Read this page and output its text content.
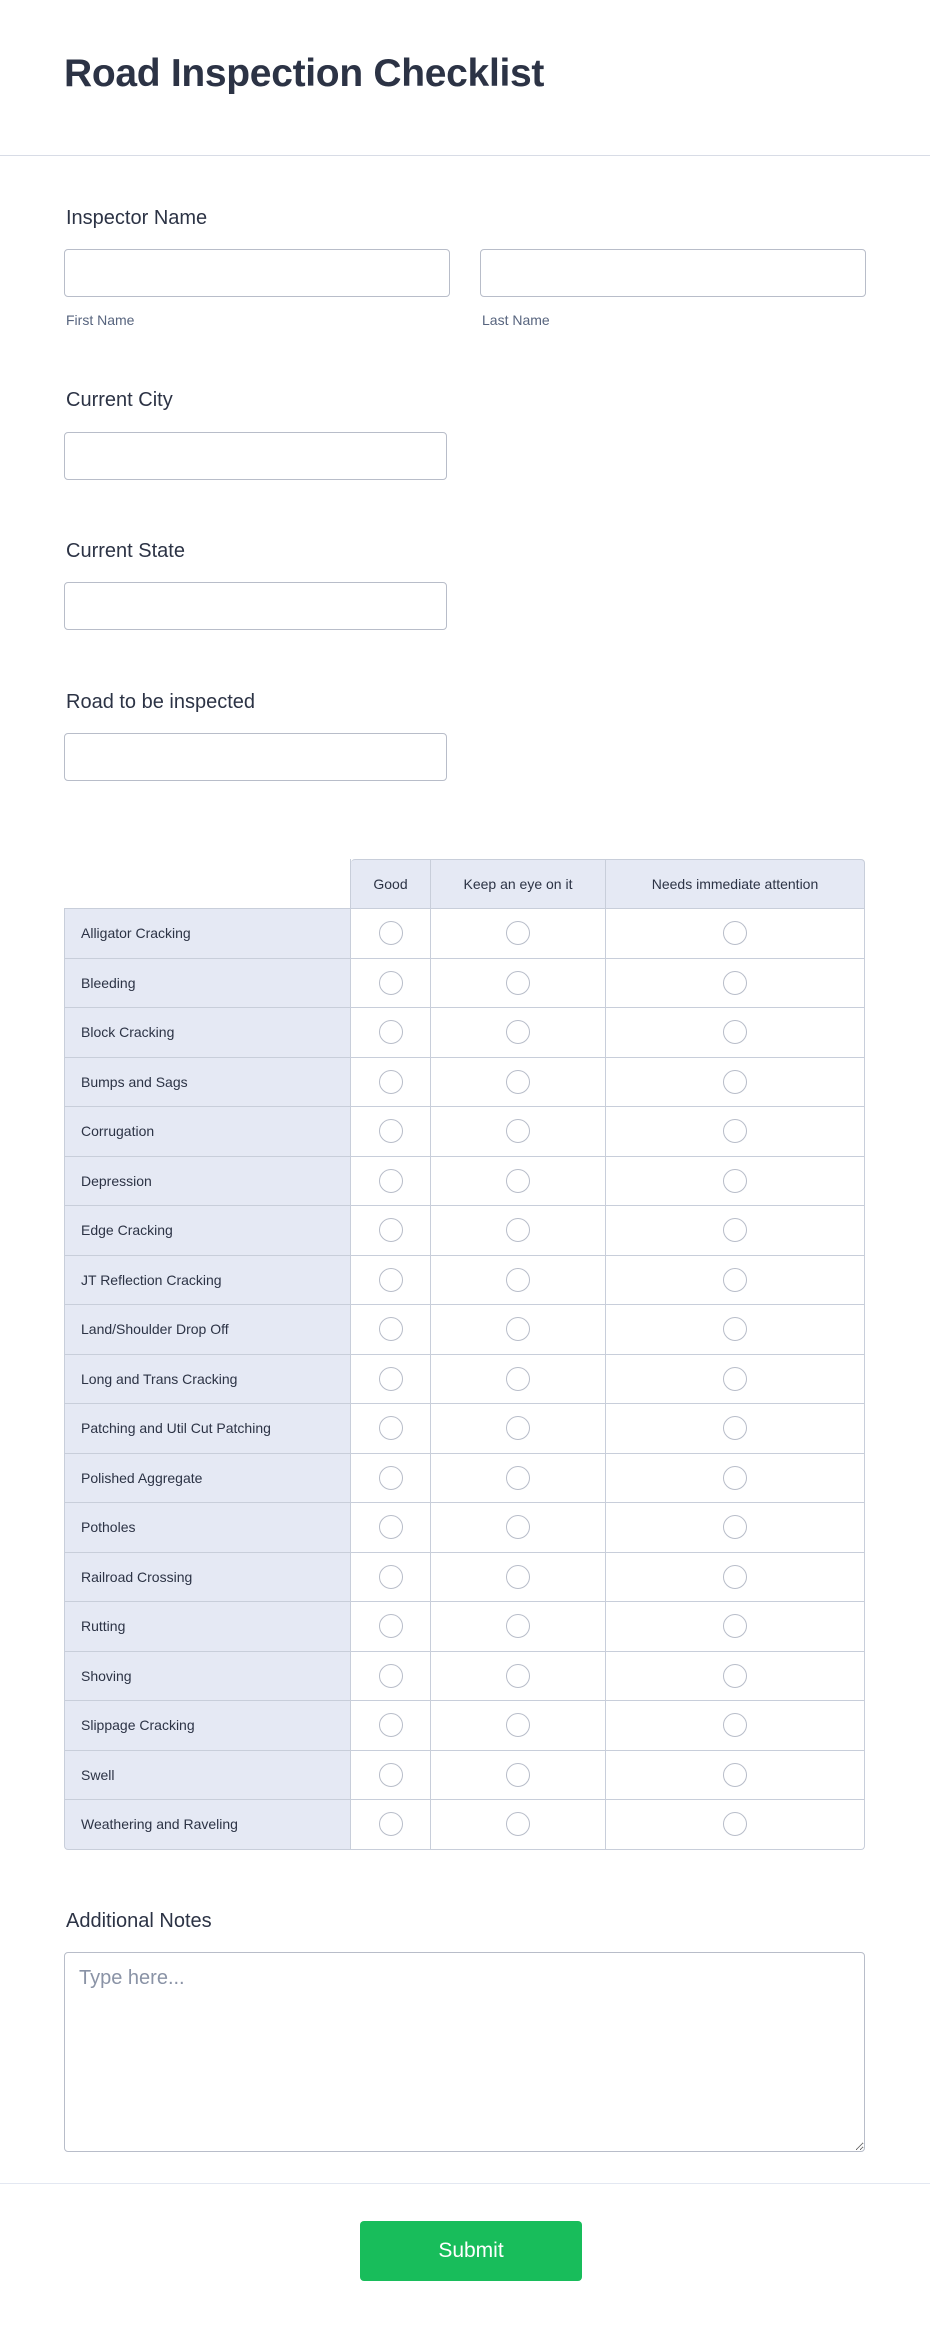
Road Inspection Checklist
Inspector Name
First Name	Last Name
Current City
Current State
Road to be inspected
	Good	Keep an eye on it	Needs immediate attention
Alligator Cracking			
Bleeding			
Block Cracking			
Bumps and Sags			
Corrugation			
Depression			
Edge Cracking			
JT Reflection Cracking			
Land/Shoulder Drop Off			
Long and Trans Cracking			
Patching and Util Cut Patching			
Polished Aggregate			
Potholes			
Railroad Crossing			
Rutting			
Shoving			
Slippage Cracking			
Swell			
Weathering and Raveling			
Additional Notes
Type here...
Submit
